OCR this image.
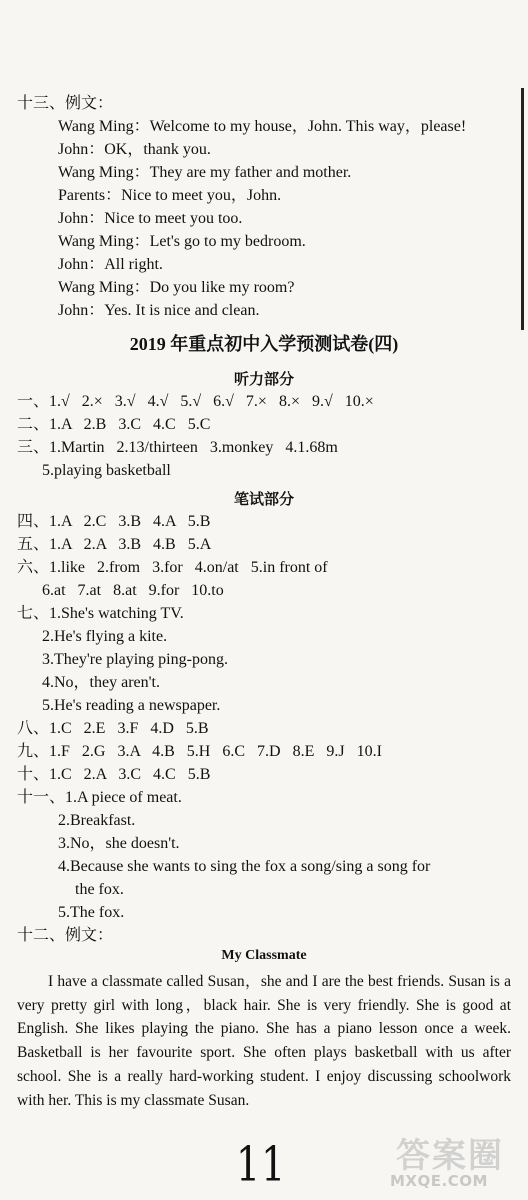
十三、例文：
Wang Ming：Welcome to my house，John. This way，please!
John：OK，thank you.
Wang Ming：They are my father and mother.
Parents：Nice to meet you，John.
John：Nice to meet you too.
Wang Ming：Let's go to my bedroom.
John：All right.
Wang Ming：Do you like my room?
John：Yes. It is nice and clean.
2019 年重点初中入学预测试卷(四)
听力部分
一、1.√   2.×   3.√   4.√   5.√   6.√   7.×   8.×   9.√   10.×
二、1.A   2.B   3.C   4.C   5.C
三、1.Martin   2.13/thirteen   3.monkey   4.1.68m
5.playing basketball
笔试部分
四、1.A   2.C   3.B   4.A   5.B
五、1.A   2.A   3.B   4.B   5.A
六、1.like   2.from   3.for   4.on/at   5.in front of
6.at   7.at   8.at   9.for   10.to
七、1.She's watching TV.
2.He's flying a kite.
3.They're playing ping-pong.
4.No，they aren't.
5.He's reading a newspaper.
八、1.C   2.E   3.F   4.D   5.B
九、1.F   2.G   3.A   4.B   5.H   6.C   7.D   8.E   9.J   10.I
十、1.C   2.A   3.C   4.C   5.B
十一、1.A piece of meat.
2.Breakfast.
3.No，she doesn't.
4.Because she wants to sing the fox a song/sing a song for
the fox.
5.The fox.
十二、例文：
My Classmate
I have a classmate called Susan，she and I are the best friends. Susan is a very pretty girl with long，black hair. She is very friendly. She is good at English. She likes playing the piano. She has a piano lesson once a week. Basketball is her favourite sport. She often plays basketball with us after school. She is a really hard-working student. I enjoy discussing schoolwork with her. This is my classmate Susan.
11	答案圈
MXQE.COM
